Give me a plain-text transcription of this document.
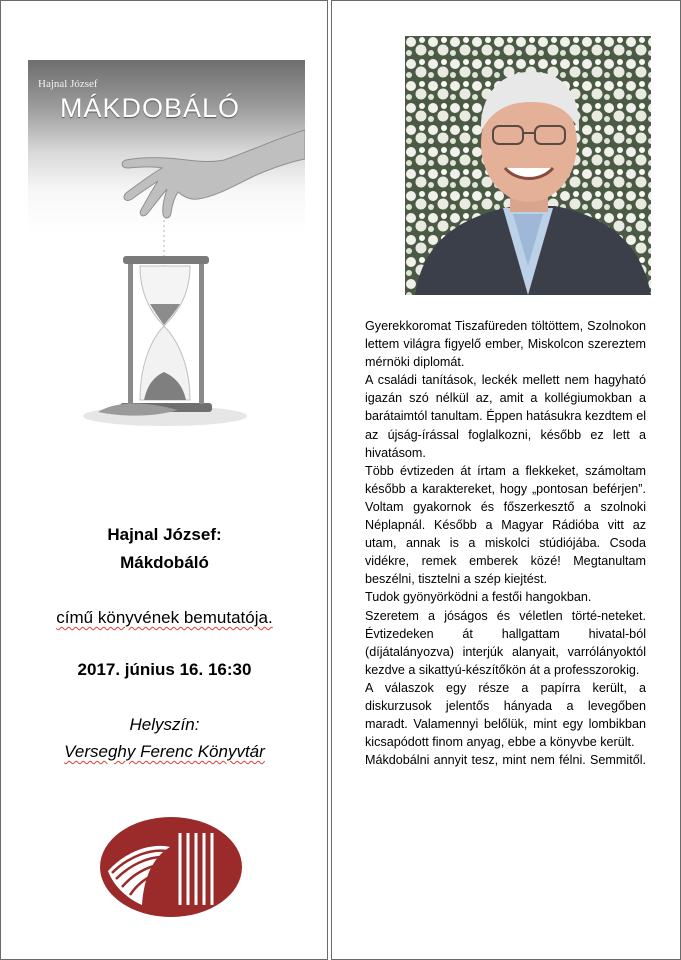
Hajnal József
MÁKDOBÁLÓ
Hajnal József:
Mákdobáló
című könyvének bemutatója.
2017. június 16. 16:30
Helyszín:
Verseghy Ferenc Könyvtár

Gyerekkoromat Tiszafüreden töltöttem, Szolnokon lettem világra figyelő ember, Miskolcon szereztem mérnöki diplomát.

A családi tanítások, leckék mellett nem hagyható igazán szó nélkül az, amit a kollégiumokban a barátaimtól tanultam. Éppen hatásukra kezdtem el az újság-írással foglalkozni, később ez lett a hivatásom.

Több évtizeden át írtam a flekkeket, számoltam később a karaktereket, hogy „pontosan beférjen”. Voltam gyakornok és főszerkesztő a szolnoki Néplapnál. Később a Magyar Rádióba vitt az utam, annak is a miskolci stúdiójába. Csoda vidékre, remek emberek közé! Megtanultam beszélni, tisztelni a szép kiejtést.

Tudok gyönyörködni a festői hangokban.

Szeretem a jóságos és véletlen törté-neteket. Évtizedeken át hallgattam hivatal-ból (díjátalányozva) interjúk alanyait, varrólányoktól kezdve a sikattyú-készítőkön át a professzorokig.

A válaszok egy része a papírra került, a diskurzusok jelentős hányada a levegőben maradt. Valamennyi belőlük, mint egy lombikban kicsapódott finom anyag, ebbe a könyvbe került.

Mákdobálni annyit tesz, mint nem félni. Semmitől.
